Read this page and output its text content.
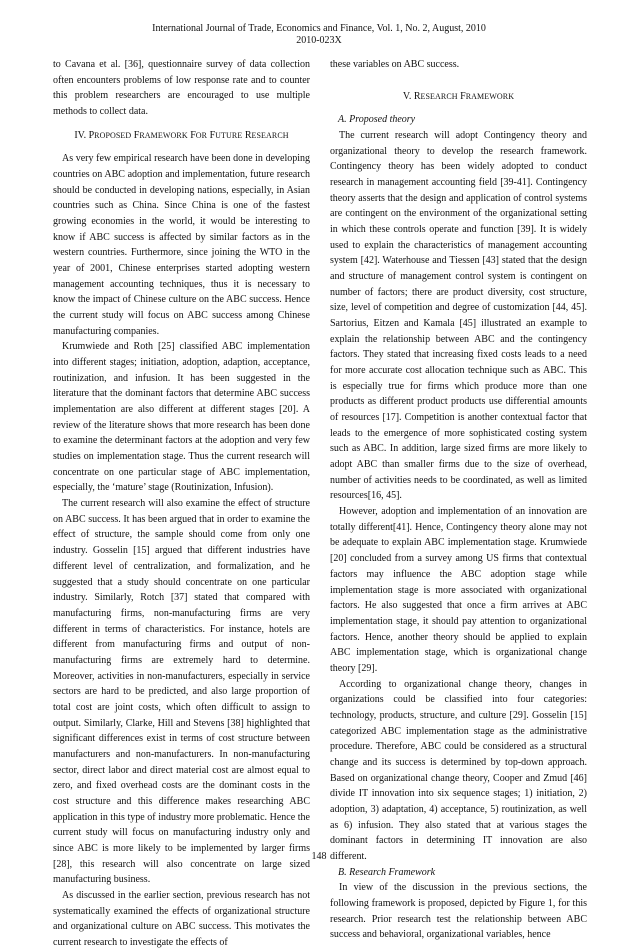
International Journal of Trade, Economics and Finance, Vol. 1, No. 2, August, 2010
2010-023X

to Cavana et al. [36], questionnaire survey of data collection often encounters problems of low response rate and to counter this problem researchers are encouraged to use multiple methods to collect data.

IV. PROPOSED FRAMEWORK FOR FUTURE RESEARCH

As very few empirical research have been done in developing countries on ABC adoption and implementation, future research should be conducted in developing nations, especially, in Asian countries such as China. Since China is one of the fastest growing economies in the world, it would be interesting to know if ABC success is affected by similar factors as in the western countries. Furthermore, since joining the WTO in the year of 2001, Chinese enterprises started adopting western management accounting techniques, thus it is necessary to know the impact of Chinese culture on the ABC success. Hence the current study will focus on ABC success among Chinese manufacturing companies.

Krumwiede and Roth [25] classified ABC implementation into different stages; initiation, adoption, adaption, acceptance, routinization, and infusion. It has been suggested in the literature that the dominant factors that determine ABC success implementation are also different at different stages [20]. A review of the literature shows that more research has been done to examine the determinant factors at the adoption and very few studies on implementation stage. Thus the current research will concentrate on one particular stage of ABC implementation, especially, the ‘mature’ stage (Routinization, Infusion).

The current research will also examine the effect of structure on ABC success. It has been argued that in order to examine the effect of structure, the sample should come from only one industry. Gosselin [15] argued that different industries have different level of centralization, and formalization, and he suggested that a study should concentrate on one particular industry. Similarly, Rotch [37] stated that compared with manufacturing firms, non-manufacturing firms are very different in terms of characteristics. For instance, hotels are different from manufacturing firms and output of non-manufacturing firms are extremely hard to determine. Moreover, activities in non-manufacturers, especially in service sectors are hard to be predicted, and also large proportion of total cost are joint costs, which often difficult to assign to output. Similarly, Clarke, Hill and Stevens [38] highlighted that significant differences exist in terms of cost structure between manufacturers and non-manufacturers. In non-manufacturing sector, direct labor and direct material cost are almost equal to zero, and fixed overhead costs are the dominant costs in the cost structure and this difference makes researching ABC application in this type of industry more problematic. Hence the current study will focus on manufacturing industry only and since ABC is more likely to be implemented by larger firms [28], this research will also concentrate on large sized manufacturing business.

As discussed in the earlier section, previous research has not systematically examined the effects of organizational structure and organizational culture on ABC success. This motivates the current research to investigate the effects of

these variables on ABC success.

V. RESEARCH FRAMEWORK
A. Proposed theory

The current research will adopt Contingency theory and organizational theory to develop the research framework. Contingency theory has been widely adopted to conduct research in management accounting field [39-41]. Contingency theory asserts that the design and application of control systems are contingent on the environment of the organizational setting in which these controls operate and function [39]. It is widely used to explain the characteristics of management accounting system [42]. Waterhouse and Tiessen [43] stated that the design and structure of management control system is contingent on number of factors; there are product diversity, cost structure, size, level of competition and degree of customization [44, 45]. Sartorius, Eitzen and Kamala [45] illustrated an example to explain the relationship between ABC and the contingency factors. They stated that increasing fixed costs leads to a need for more accurate cost allocation technique such as ABC. This is especially true for firms which produce more than one products as different product products use differential amounts of resources [17]. Competition is another contextual factor that leads to the emergence of more sophisticated costing system such as ABC. In addition, large sized firms are more likely to adopt ABC than smaller firms due to the size of overhead, number of activities needs to be coordinated, as well as limited resources[16, 45].

However, adoption and implementation of an innovation are totally different[41]. Hence, Contingency theory alone may not be adequate to explain ABC implementation stage. Krumwiede [20] concluded from a survey among US firms that contextual factors may influence the ABC adoption stage while implementation stage is more associated with organizational factors. He also suggested that once a firm arrives at ABC implementation stage, it should pay attention to organizational factors. Hence, another theory should be applied to explain ABC implementation stage, which is organizational change theory [29].

According to organizational change theory, changes in organizations could be classified into four categories: technology, products, structure, and culture [29]. Gosselin [15] categorized ABC implementation stage as the administrative procedure. Therefore, ABC could be considered as a structural change and its success is determined by top-down approach. Based on organizational change theory, Cooper and Zmud [46] divide IT innovation into six sequence stages; 1) initiation, 2) adoption, 3) adaptation, 4) acceptance, 5) routinization, as well as 6) infusion. They also stated that at various stages the dominant factors in determining IT innovation are also different.

B. Research Framework

In view of the discussion in the previous sections, the following framework is proposed, depicted by Figure 1, for this research. Prior research test the relationship between ABC success and behavioral, organizational variables, hence

148
